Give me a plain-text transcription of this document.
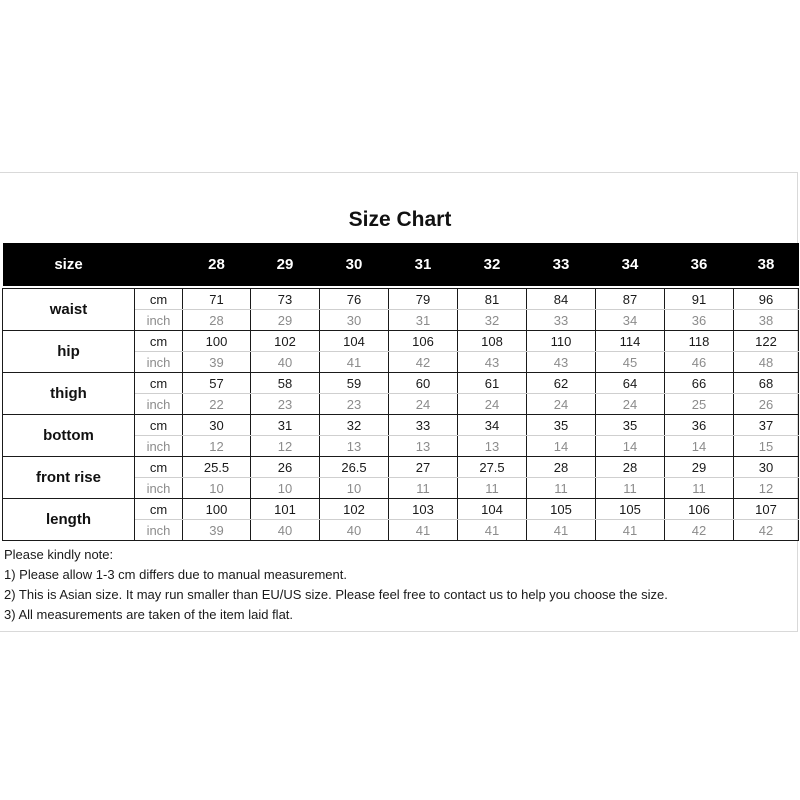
Size Chart
size		28	29	30	31	32	33	34	36	38

waist	cm	71	73	76	79	81	84	87	91	96
	inch	28	29	30	31	32	33	34	36	38
hip	cm	100	102	104	106	108	110	114	118	122
	inch	39	40	41	42	43	43	45	46	48
thigh	cm	57	58	59	60	61	62	64	66	68
	inch	22	23	23	24	24	24	24	25	26
bottom	cm	30	31	32	33	34	35	35	36	37
	inch	12	12	13	13	13	14	14	14	15
front rise	cm	25.5	26	26.5	27	27.5	28	28	29	30
	inch	10	10	10	11	11	11	11	11	12
length	cm	100	101	102	103	104	105	105	106	107
	inch	39	40	40	41	41	41	41	42	42
Please kindly note:
1) Please allow 1-3 cm differs due to manual measurement.
2) This is Asian size. It may run smaller than EU/US size. Please feel free to contact us to help you choose the size.
3) All measurements are taken of the item laid flat.
